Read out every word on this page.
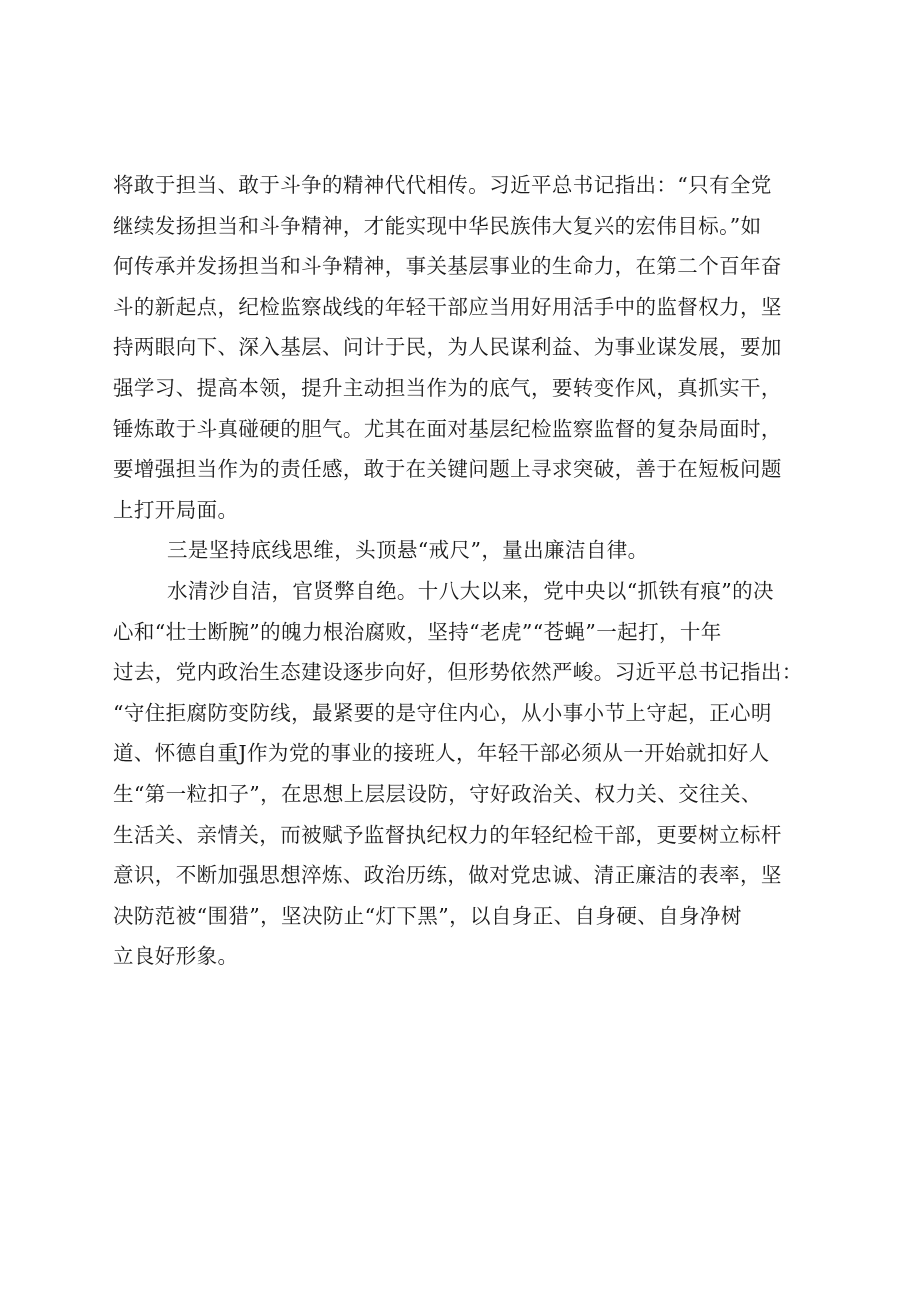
将敢于担当、敢于斗争的精神代代相传。习近平总书记指出：“只有全党
继续发扬担当和斗争精神，才能实现中华民族伟大复兴的宏伟目标。”如
何传承并发扬担当和斗争精神，事关基层事业的生命力，在第二个百年奋
斗的新起点，纪检监察战线的年轻干部应当用好用活手中的监督权力，坚
持两眼向下、深入基层、问计于民，为人民谋利益、为事业谋发展，要加
强学习、提高本领，提升主动担当作为的底气，要转变作风，真抓实干，
锤炼敢于斗真碰硬的胆气。尤其在面对基层纪检监察监督的复杂局面时，
要增强担当作为的责任感，敢于在关键问题上寻求突破，善于在短板问题
上打开局面。
三是坚持底线思维，头顶悬“戒尺”，量出廉洁自律。
水清沙自洁，官贤弊自绝。十八大以来，党中央以“抓铁有痕”的决
心和“壮士断腕”的魄力根治腐败，坚持“老虎”“苍蝇”一起打，十年
过去，党内政治生态建设逐步向好，但形势依然严峻。习近平总书记指出：
“守住拒腐防变防线，最紧要的是守住内心，从小事小节上守起，正心明
道、怀德自重J作为党的事业的接班人，年轻干部必须从一开始就扣好人
生“第一粒扣子”，在思想上层层设防，守好政治关、权力关、交往关、
生活关、亲情关，而被赋予监督执纪权力的年轻纪检干部，更要树立标杆
意识，不断加强思想淬炼、政治历练，做对党忠诚、清正廉洁的表率，坚
决防范被“围猎”，坚决防止“灯下黑”，以自身正、自身硬、自身净树
立良好形象。
